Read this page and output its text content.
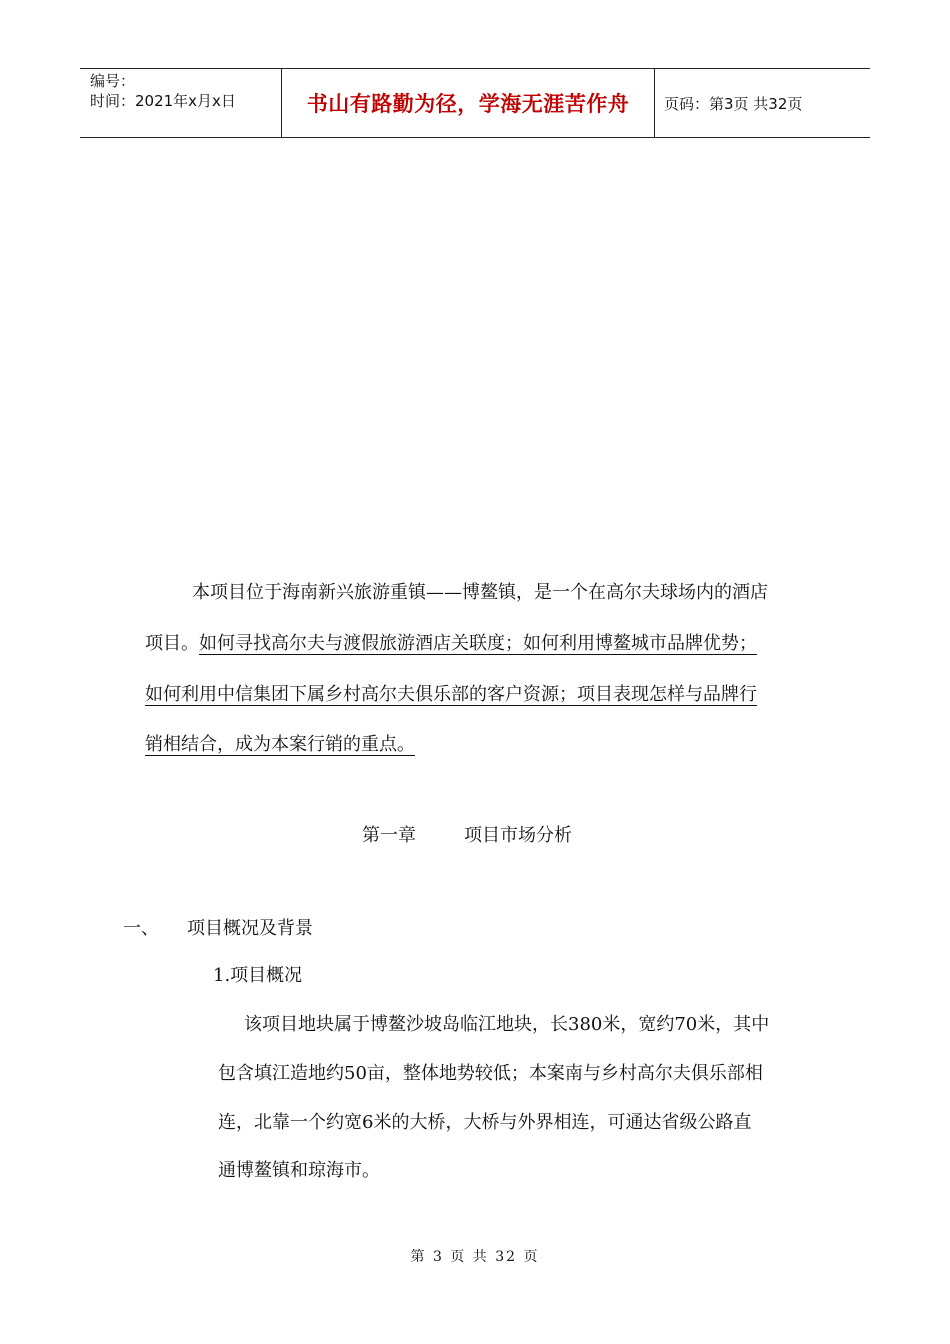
编号：
时间：2021年x月x日	书山有路勤为径，学海无涯苦作舟	页码：第3页 共32页
本项目位于海南新兴旅游重镇——博鳌镇，是一个在高尔夫球场内的酒店
项目。如何寻找高尔夫与渡假旅游酒店关联度；如何利用博鳌城市品牌优势；
如何利用中信集团下属乡村高尔夫俱乐部的客户资源；项目表现怎样与品牌行
销相结合，成为本案行销的重点。
第一章	项目市场分析
一、 项目概况及背景
1.项目概况
该项目地块属于博鳌沙坡岛临江地块，长380米，宽约70米，其中
包含填江造地约50亩，整体地势较低；本案南与乡村高尔夫俱乐部相
连，北靠一个约宽6米的大桥，大桥与外界相连，可通达省级公路直
通博鳌镇和琼海市。
第 3 页 共 32 页
